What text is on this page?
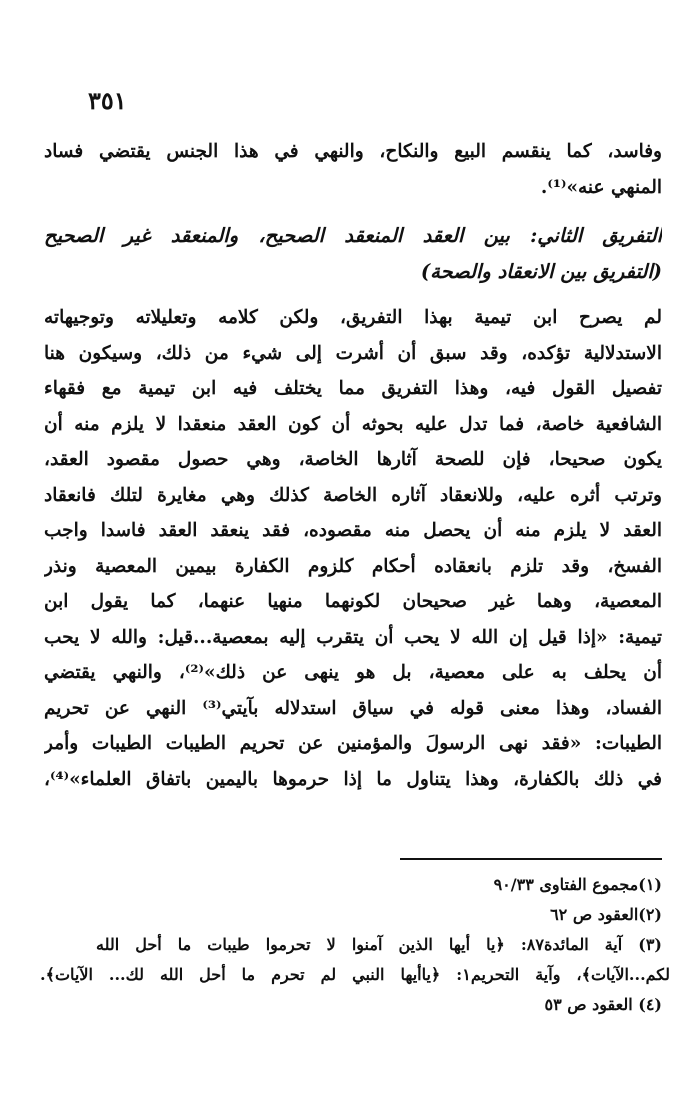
٣٥١
وفاسد، كما ينقسم البيع والنكاح، والنهي في هذا الجنس يقتضي فساد
المنهي عنه»⁽¹⁾.
التفريق الثاني: بين العقد المنعقد الصحيح، والمنعقد غير الصحيح
(التفريق بين الانعقاد والصحة)
لم يصرح ابن تيمية بهذا التفريق، ولكن كلامه وتعليلاته وتوجيهاته
الاستدلالية تؤكده، وقد سبق أن أشرت إلى شيء من ذلك، وسيكون هنا
تفصيل القول فيه، وهذا التفريق مما يختلف فيه ابن تيمية مع فقهاء
الشافعية خاصة، فما تدل عليه بحوثه أن كون العقد منعقدا لا يلزم منه أن
يكون صحيحا، فإن للصحة آثارها الخاصة، وهي حصول مقصود العقد،
وترتب أثره عليه، وللانعقاد آثاره الخاصة كذلك وهي مغايرة لتلك فانعقاد
العقد لا يلزم منه أن يحصل منه مقصوده، فقد ينعقد العقد فاسدا واجب
الفسخ، وقد تلزم بانعقاده أحكام كلزوم الكفارة بيمين المعصية ونذر
المعصية، وهما غير صحيحان لكونهما منهيا عنهما، كما يقول ابن
تيمية: «إذا قيل إن الله لا يحب أن يتقرب إليه بمعصية...قيل: والله لا يحب
أن يحلف به على معصية، بل هو ينهى عن ذلك»⁽²⁾، والنهي يقتضي
الفساد، وهذا معنى قوله في سياق استدلاله بآيتي⁽³⁾ النهي عن تحريم
الطيبات: «فقد نهى الرسولَ والمؤمنين عن تحريم الطيبات الطيبات وأمر
في ذلك بالكفارة، وهذا يتناول ما إذا حرموها باليمين باتفاق العلماء»⁽⁴⁾،
(١)مجموع الفتاوى ٩٠/٣٣
(٢)العقود ص ٦٢
(٣) آية المائدة٨٧: ﴿يا أيها الذين آمنوا لا تحرموا طيبات ما أحل الله
لكم...الآيات﴾، وآية التحريم١: ﴿ياأيها النبي لم تحرم ما أحل الله لك... الآيات﴾.
(٤) العقود ص ٥٣
